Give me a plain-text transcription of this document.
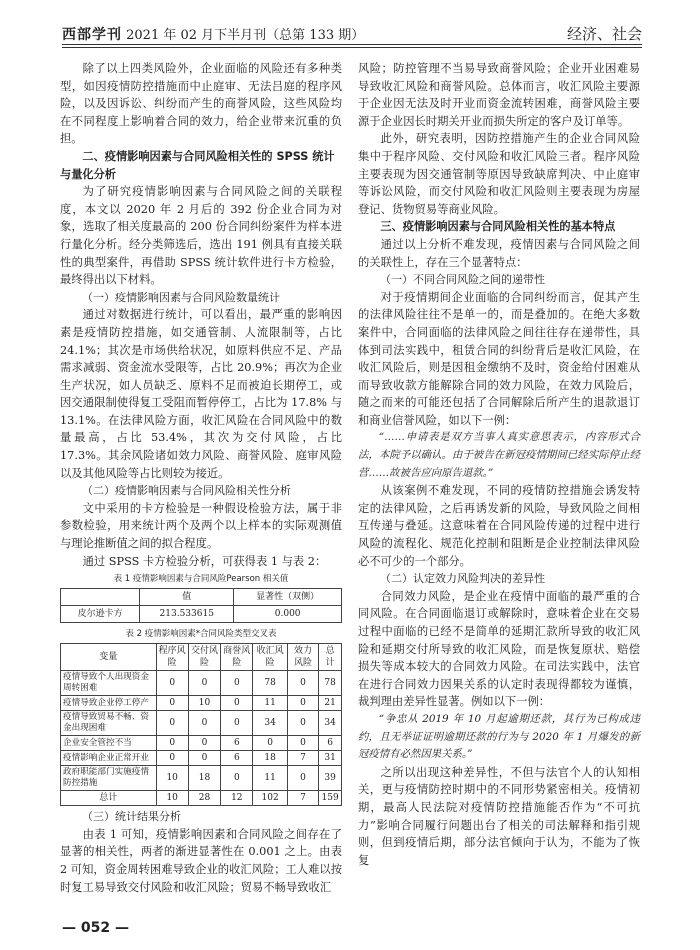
西部学刊 2021 年 02 月下半月刊（总第 133 期）	经济、社会

除了以上四类风险外，企业面临的风险还有多种类型，如因疫情防控措施而中止庭审、无法吕庭的程序风险，以及因诉讼、纠纷而产生的商誉风险，这些风险均在不同程度上影响着合同的效力，给企业带来沉重的负担。

二、疫情影响因素与合同风险相关性的 SPSS 统计

与量化分析

为了研究疫情影响因素与合同风险之间的关联程度，本文以 2020 年 2 月后的 392 份企业合同为对象，选取了相关度最高的 200 份合同纠纷案件为样本进行量化分析。经分类筛选后，选出 191 例具有直接关联性的典型案件，再借助 SPSS 统计软件进行卡方检验，最终得出以下材料。

（一）疫情影响因素与合同风险数量统计

通过对数据进行统计，可以看出，最严重的影响因素是疫情防控措施，如交通管制、人流限制等，占比 24.1%；其次是市场供给状况，如原料供应不足、产品需求减弱、资金流水受限等，占比 20.9%；再次为企业生产状况，如人员缺乏、原料不足而被迫长期停工，或因交通限制使得复工受阻而暂停停工，占比为 17.8% 与 13.1%。在法律风险方面，收汇风险在合同风险中的数量最高，占比 53.4%，其次为交付风险，占比 17.3%。其余风险诸如效力风险、商誉风险、庭审风险以及其他风险等占比则较为接近。

（二）疫情影响因素与合同风险相关性分析

文中采用的卡方检验是一种假设检验方法，属于非参数检验，用来统计两个及两个以上样本的实际观测值与理论推断值之间的拟合程度。

通过 SPSS 卡方检验分析，可获得表 1 与表 2：

表 1 疫情影响因素与合同风险Pearson 相关值
	值	显著性（双侧）
皮尔逊卡方	213.533615	0.000
表 2 疫情影响因素*合同风险类型交叉表
变量	程序风险	交付风险	商誉风险	收汇风险	效力风险	总计
疫情导致个人出现资金周转困难	0	0	0	78	0	78
疫情导致企业停工停产	0	10	0	11	0	21
疫情导致贸易不畅、资金出现困难	0	0	0	34	0	34
企业安全管控不当	0	0	6	0	0	6
疫情影响企业正常开业	0	0	6	18	7	31
政府职能部门实施疫情防控措施	10	18	0	11	0	39
总计	10	28	12	102	7	159

（三）统计结果分析

由表 1 可知，疫情影响因素和合同风险之间存在了显著的相关性，两者的渐进显著性在 0.001 之上。由表 2 可知，资金周转困难导致企业的收汇风险；工人难以按时复工易导致交付风险和收汇风险；贸易不畅导致收汇

风险；防控管理不当易导致商誉风险；企业开业困难易导致收汇风险和商誉风险。总体而言，收汇风险主要源于企业因无法及时开业而资金流转困难，商誉风险主要源于企业因长时期关开业而损失所定的客户及订单等。

此外，研究表明，因防控措施产生的企业合同风险集中于程序风险、交付风险和收汇风险三者。程序风险主要表现为因交通管制等原因导致缺席判决、中止庭审等诉讼风险，而交付风险和收汇风险则主要表现为房屋登记、货物贸易等商业风险。

三、疫情影响因素与合同风险相关性的基本特点

通过以上分析不难发现，疫情因素与合同风险之间的关联性上，存在三个显著特点：

（一）不同合同风险之间的递带性

对于疫情期间企业面临的合同纠纷而言，促其产生的法律风险往往不是单一的，而是叠加的。在绝大多数案件中，合同面临的法律风险之间往往存在递带性，具体到司法实践中，租赁合同的纠纷背后是收汇风险，在收汇风险后，则是因租金缴纳不及时，资金给付困难从而导致收款方能解除合同的效力风险，在效力风险后，随之而来的可能还包括了合同解除后所产生的退款退订和商业信誉风险，如以下一例：

“……申请表是双方当事人真实意思表示，内容形式合法，本院予以确认。由于被告在新冠疫情期间已经实际停止经营……故被告应向原告退款。”

从该案例不难发现，不同的疫情防控措施会诱发特定的法律风险，之后再诱发新的风险，导致风险之间相互传递与叠延。这意味着在合同风险传递的过程中进行风险的流程化、规范化控制和阻断是企业控制法律风险必不可少的一个部分。

（二）认定效力风险判决的差异性

合同效力风险，是企业在疫情中面临的最严重的合同风险。在合同面临退订或解除时，意味着企业在交易过程中面临的已经不是简单的延期汇款所导致的收汇风险和延期交付所导致的收汇风险，而是恢复原状、赔偿损失等成本较大的合同效力风险。在司法实践中，法官在进行合同效力因果关系的认定时表现得都较为谨慎，裁判理由差异性显著。例如以下一例：

“争忠从 2019 年 10 月起逾期还款，其行为已构成违约，且无举证证明逾期还款的行为与 2020 年 1 月爆发的新冠疫情有必然因果关系。”

之所以出现这种差异性，不但与法官个人的认知相关，更与疫情防控时期中的不同形势紧密相关。疫情初期，最高人民法院对疫情防控措施能否作为“不可抗力”影响合同履行问题出台了相关的司法解释和指引规则，但到疫情后期，部分法官倾向于认为，不能为了恢复

— 052 —
